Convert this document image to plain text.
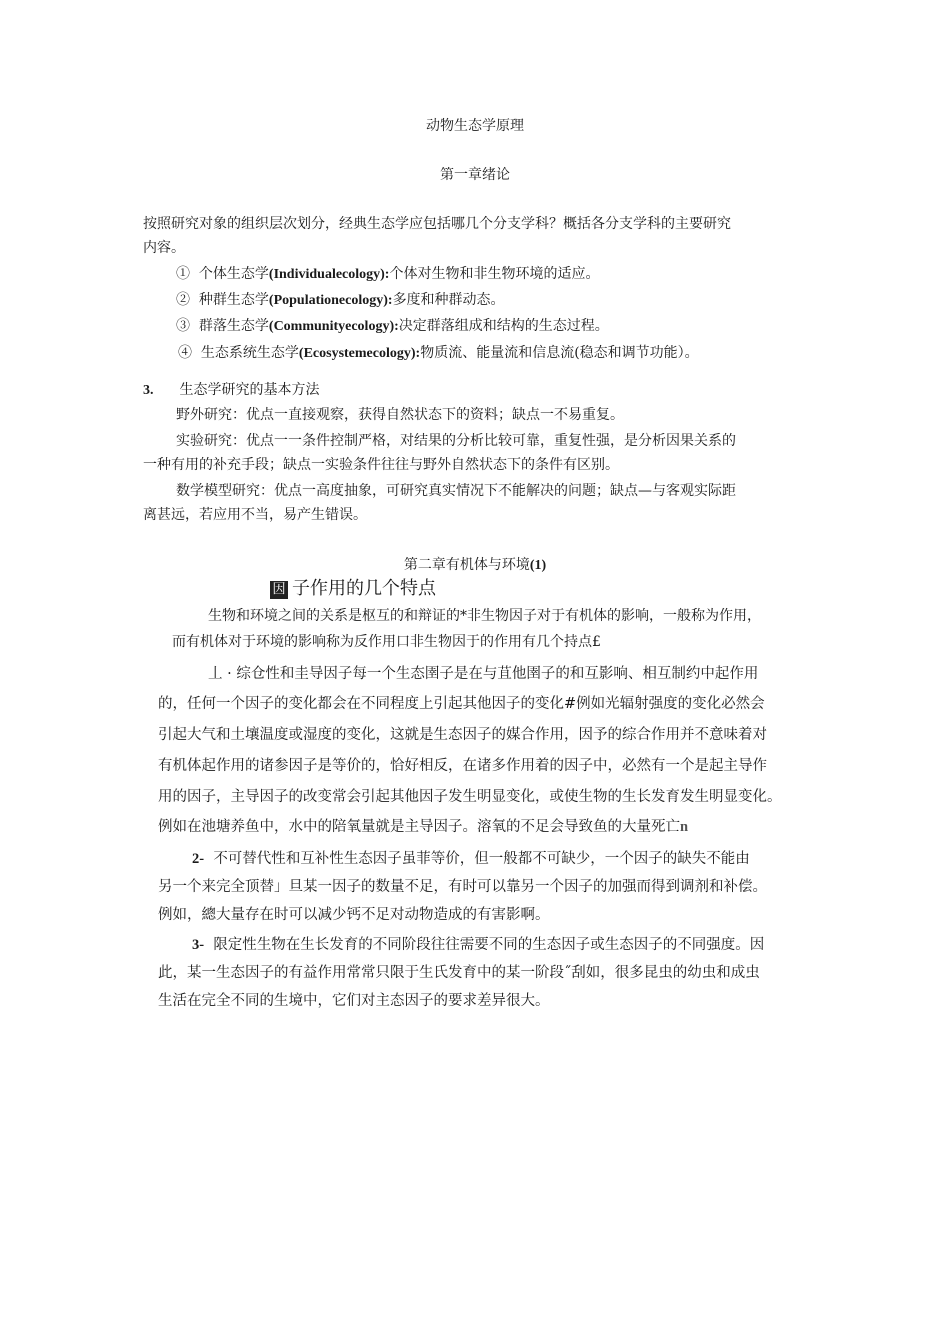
动物生态学原理
第一章绪论
按照研究对象的组织层次划分，经典生态学应包括哪几个分支学科？概括各分支学科的主要研究
内容。
① 个体生态学(Individualecology):个体对生物和非生物环境的适应。
② 种群生态学(Populationecology):多度和种群动态。
③ 群落生态学(Communityecology):决定群落组成和结构的生态过程。
④ 生态系统生态学(Ecosystemecology):物质流、能量流和信息流(稳态和调节功能）。
3. 生态学研究的基本方法
野外研究：优点一直接观察，获得自然状态下的资料；缺点一不易重复。
实验研究：优点一一条件控制严格，对结果的分析比较可靠，重复性强，是分析因果关系的
一种有用的补充手段；缺点一实验条件往往与野外自然状态下的条件有区别。
数学模型研究：优点一高度抽象，可研究真实情况下不能解决的问题；缺点—与客观实际距
离甚远，若应用不当，易产生错误。
第二章有机体与环境(1)
因 子作用的几个特点
生物和环境之间的关系是枢互的和辩证的*非生物因子对于有机体的影响，一般称为作用，
而有机体对于环境的影响称为反作用口非生物因于的作用有几个持点£
丄 · 综仓性和圭导因子每一个生态圉子是在与苴他圉子的和互影响、相互制约中起作用
的，任何一个因子的变化都会在不同程度上引起其他因子的变化#例如光辐射强度的变化必然会
引起大气和土壤温度或湿度的变化，这就是生态因子的媒合作用，因予的综合作用并不意味着对
有机体起作用的诸参因子是等价的，恰好相反，在诸多作用着的因子中，必然有一个是起主导作
用的因子，主导因子的改变常会引起其他因子发生明显变化，或使生物的生长发育发生明显变化。
例如在池塘养鱼中，水中的陪氧量就是主导因子。溶氧的不足会导致鱼的大量死亡n
2- 不可替代性和互补性生态因子虽菲等价，但一般都不可缺少，一个因子的缺失不能由
另一个来完全顶替」旦某一因子的数量不足，有时可以靠另一个因子的加强而得到调剂和补偿。
例如，總大量存在时可以减少钙不足对动物造成的有害影啊。
3- 限定性生物在生长发育的不同阶段往往需要不同的生态因子或生态因子的不同强度。因
此，某一生态因子的有益作用常常只限于生氏发育中的某一阶段˝刮如，很多昆虫的幼虫和成虫
生活在完全不同的生境中，它们对主态因子的要求差异很大。
